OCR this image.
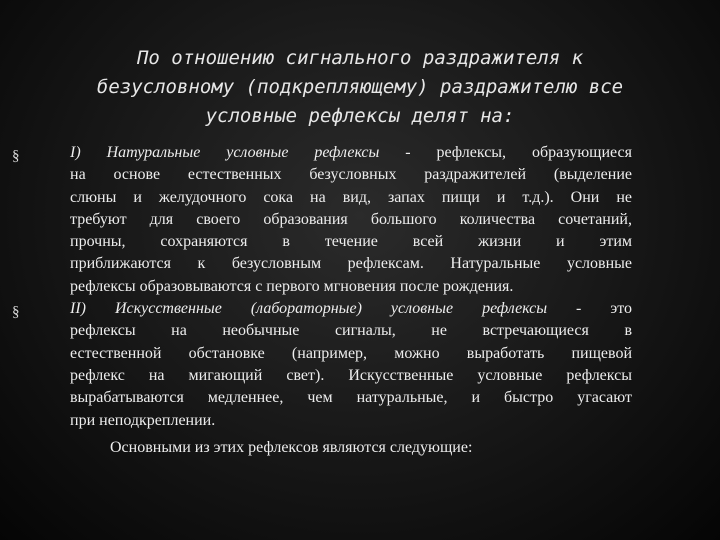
По отношению сигнального раздражителя к
безусловному (подкрепляющему) раздражителю все
условные рефлексы делят на:
§	I) Натуральные условные рефлексы - рефлексы, образующиеся
на основе естественных безусловных раздражителей (выделение
слюны и желудочного сока на вид, запах пищи и т.д.). Они не
требуют для своего образования большого количества сочетаний,
прочны, сохраняются в течение всей жизни и этим
приближаются к безусловным рефлексам. Натуральные условные
рефлексы образовываются с первого мгновения после рождения.
§	II) Искусственные (лабораторные) условные рефлексы - это
рефлексы на необычные сигналы, не встречающиеся в
естественной обстановке (например, можно выработать пищевой
рефлекс на мигающий свет). Искусственные условные рефлексы
вырабатываются медленнее, чем натуральные, и быстро угасают
при неподкреплении.
Основными из этих рефлексов являются следующие:
